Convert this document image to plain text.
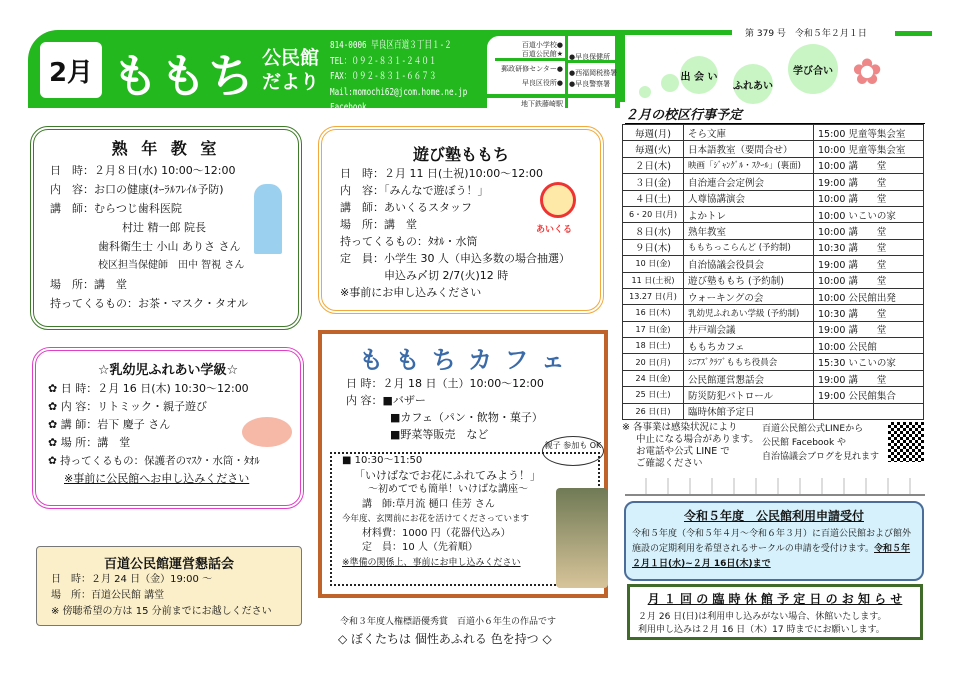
2月 ももち 公民館
だより
814-0006 早良区百道３丁目１-２
TEL：０９２-８３１-２４０１
FAX：０９２-８３１-６６７３
Mail:momochi62@jcom.home.ne.jp
Facebook
百道小学校●
百道公民館★
郵政研修センター●
早良区役所●
地下鉄藤崎駅
●早良保健所
●西福岡税務署
●早良警察署
第 379 号　令和５年２月１日
出 会 い
ふれあい
学び合い ✿
熟 年 教 室
日　時：２月８日(水) 10:00～12:00
内　容：お口の健康(ｵｰﾗﾙﾌﾚｲﾙ予防)
講　師：むらつじ歯科医院
村辻 精一郎 院長
歯科衛生士 小山 ありさ さん
校区担当保健師　田中 智視 さん
場　所：講　堂
持ってくるもの：お茶・マスク・タオル
遊び塾ももち
日　時：２月 11 日(土祝)10:00～12:00
内　容：「みんなで遊ぼう！」
講　師：あいくるスタッフ
場　所：講　堂
持ってくるもの：ﾀｵﾙ・水筒
定　員：小学生 30 人（申込多数の場合抽選）
申込み〆切 2/7(火)12 時
※事前にお申し込みください
あいくる
☆乳幼児ふれあい学級☆
✿ 日 時：２月 16 日(木) 10:30～12:00
✿ 内 容：リトミック・親子遊び
✿ 講 師：岩下 慶子 さん
✿ 場 所：講　堂
✿ 持ってくるもの：保護者のﾏｽｸ・水筒・ﾀｵﾙ
※事前に公民館へお申し込みください
百道公民館運営懇話会
日　時：２月 24 日（金）19:00 ～
場　所：百道公民館 講堂
※ 傍聴希望の方は 15 分前までにお越しください
も も ち カ フ ェ
日 時：２月 18 日（土）10:00～12:00
内 容：■バザー
■カフェ（パン・飲物・菓子）
■野菜等販売　など
親子 参加も OK
■ 10:30～11:50
「いけばなでお花にふれてみよう！」
～初めてでも簡単！いけばな講座～
講　師:草月流 樋口 佳芳 さん
今年度、玄関前にお花を活けてくださっています
材料費：1000 円（花器代込み）
定　員：10 人（先着順）
※準備の関係上、事前にお申し込みください
令和３年度人権標語優秀賞　百道小６年生の作品です
◇ ぼくたちは 個性あふれる 色を持つ ◇
２月の校区行事予定
毎週(月)	そら文庫	15:00 児童等集会室
毎週(火)	日本語教室（要問合せ）	10:00 児童等集会室
２日(木)	映画「ｼﾞｬﾝｸﾞﾙ・ｽｸｰﾙ」(裏面)	10:00 講　　堂
３日(金)	自治連合会定例会	19:00 講　　堂
４日(土)	人尊協講演会	10:00 講　　堂
6・20 日(月)	よかトレ	10:00 いこいの家
８日(水)	熟年教室	10:00 講　　堂
９日(木)	ももちっこらんど (予約制)	10:30 講　　堂
10 日(金)	自治協議会役員会	19:00 講　　堂
11 日(土祝)	遊び塾ももち (予約制)	10:00 講　　堂
13.27 日(月)	ウォーキングの会	10:00 公民館出発
16 日(木)	乳幼児ふれあい学級 (予約制)	10:30 講　　堂
17 日(金)	井戸端会議	19:00 講　　堂
18 日(土)	ももちカフェ	10:00 公民館
20 日(月)	ｼﾆｱｽﾞｸﾗﾌﾞももち役員会	15:30 いこいの家
24 日(金)	公民館運営懇話会	19:00 講　　堂
25 日(土)	防災防犯パトロール	19:00 公民館集合
26 日(日)	臨時休館予定日	
※ 各事業は感染状況により
中止になる場合があります。
お電話や公式 LINE で
ご確認ください
百道公民館公式LINEから
公民館 Facebook や
自治協議会ブログを見れます
令和５年度　公民館利用申請受付
令和５年度（令和５年４月～令和６年３月）に百道公民館および館外施設の定期利用を希望されるサークルの申請を受付けます。令和５年２月１日(水)~２月 16日(木)まで
月 １ 回 の 臨 時 休 館 予 定 日 の お 知 ら せ
２月 26 日(日)は利用申し込みがない場合、休館いたします。
利用申し込みは２月 16 日（木）17 時までにお願いします。
